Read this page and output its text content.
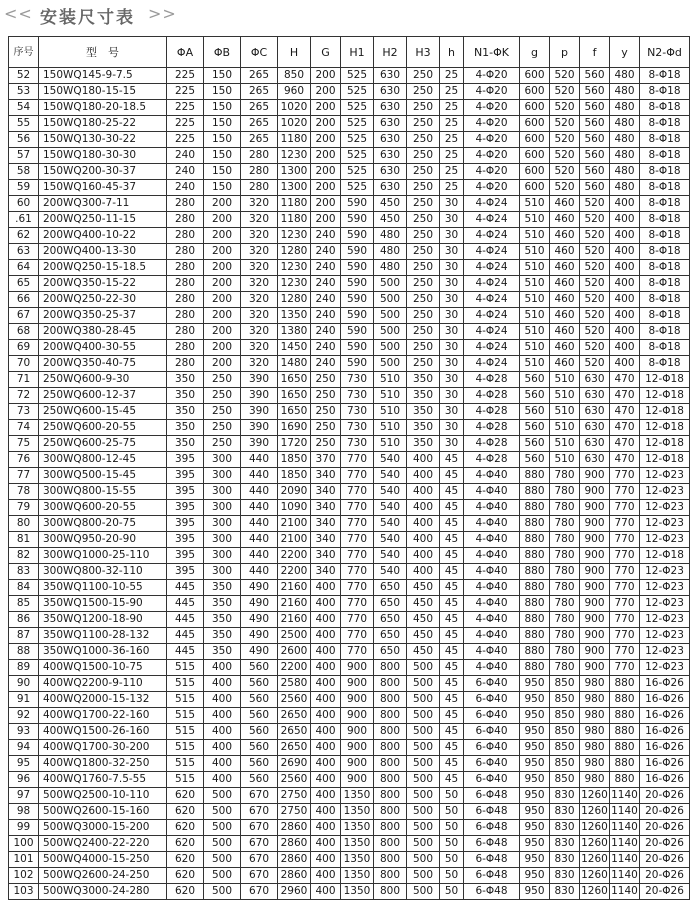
<< 安装尺寸表 >>
序号	型　号	ΦA	ΦB	ΦC	H	G	H1	H2	H3	h	N1-ΦK	g	p	f	y	N2-Φd
52	150WQ145-9-7.5	225	150	265	850	200	525	630	250	25	4-Φ20	600	520	560	480	8-Φ18
53	150WQ180-15-15	225	150	265	960	200	525	630	250	25	4-Φ20	600	520	560	480	8-Φ18
54	150WQ180-20-18.5	225	150	265	1020	200	525	630	250	25	4-Φ20	600	520	560	480	8-Φ18
55	150WQ180-25-22	225	150	265	1020	200	525	630	250	25	4-Φ20	600	520	560	480	8-Φ18
56	150WQ130-30-22	225	150	265	1180	200	525	630	250	25	4-Φ20	600	520	560	480	8-Φ18
57	150WQ180-30-30	240	150	280	1230	200	525	630	250	25	4-Φ20	600	520	560	480	8-Φ18
58	150WQ200-30-37	240	150	280	1300	200	525	630	250	25	4-Φ20	600	520	560	480	8-Φ18
59	150WQ160-45-37	240	150	280	1300	200	525	630	250	25	4-Φ20	600	520	560	480	8-Φ18
60	200WQ300-7-11	280	200	320	1180	200	590	450	250	30	4-Φ24	510	460	520	400	8-Φ18
.61	200WQ250-11-15	280	200	320	1180	200	590	450	250	30	4-Φ24	510	460	520	400	8-Φ18
62	200WQ400-10-22	280	200	320	1230	240	590	480	250	30	4-Φ24	510	460	520	400	8-Φ18
63	200WQ400-13-30	280	200	320	1280	240	590	480	250	30	4-Φ24	510	460	520	400	8-Φ18
64	200WQ250-15-18.5	280	200	320	1230	240	590	480	250	30	4-Φ24	510	460	520	400	8-Φ18
65	200WQ350-15-22	280	200	320	1230	240	590	500	250	30	4-Φ24	510	460	520	400	8-Φ18
66	200WQ250-22-30	280	200	320	1280	240	590	500	250	30	4-Φ24	510	460	520	400	8-Φ18
67	200WQ350-25-37	280	200	320	1350	240	590	500	250	30	4-Φ24	510	460	520	400	8-Φ18
68	200WQ380-28-45	280	200	320	1380	240	590	500	250	30	4-Φ24	510	460	520	400	8-Φ18
69	200WQ400-30-55	280	200	320	1450	240	590	500	250	30	4-Φ24	510	460	520	400	8-Φ18
70	200WQ350-40-75	280	200	320	1480	240	590	500	250	30	4-Φ24	510	460	520	400	8-Φ18
71	250WQ600-9-30	350	250	390	1650	250	730	510	350	30	4-Φ28	560	510	630	470	12-Φ18
72	250WQ600-12-37	350	250	390	1650	250	730	510	350	30	4-Φ28	560	510	630	470	12-Φ18
73	250WQ600-15-45	350	250	390	1650	250	730	510	350	30	4-Φ28	560	510	630	470	12-Φ18
74	250WQ600-20-55	350	250	390	1690	250	730	510	350	30	4-Φ28	560	510	630	470	12-Φ18
75	250WQ600-25-75	350	250	390	1720	250	730	510	350	30	4-Φ28	560	510	630	470	12-Φ18
76	300WQ800-12-45	395	300	440	1850	370	770	540	400	45	4-Φ28	560	510	630	470	12-Φ18
77	300WQ500-15-45	395	300	440	1850	340	770	540	400	45	4-Φ40	880	780	900	770	12-Φ23
78	300WQ800-15-55	395	300	440	2090	340	770	540	400	45	4-Φ40	880	780	900	770	12-Φ23
79	300WQ600-20-55	395	300	440	1090	340	770	540	400	45	4-Φ40	880	780	900	770	12-Φ23
80	300WQ800-20-75	395	300	440	2100	340	770	540	400	45	4-Φ40	880	780	900	770	12-Φ23
81	300WQ950-20-90	395	300	440	2100	340	770	540	400	45	4-Φ40	880	780	900	770	12-Φ23
82	300WQ1000-25-110	395	300	440	2200	340	770	540	400	45	4-Φ40	880	780	900	770	12-Φ18
83	300WQ800-32-110	395	300	440	2200	340	770	540	400	45	4-Φ40	880	780	900	770	12-Φ23
84	350WQ1100-10-55	445	350	490	2160	400	770	650	450	45	4-Φ40	880	780	900	770	12-Φ23
85	350WQ1500-15-90	445	350	490	2160	400	770	650	450	45	4-Φ40	880	780	900	770	12-Φ23
86	350WQ1200-18-90	445	350	490	2160	400	770	650	450	45	4-Φ40	880	780	900	770	12-Φ23
87	350WQ1100-28-132	445	350	490	2500	400	770	650	450	45	4-Φ40	880	780	900	770	12-Φ23
88	350WQ1000-36-160	445	350	490	2600	400	770	650	450	45	4-Φ40	880	780	900	770	12-Φ23
89	400WQ1500-10-75	515	400	560	2200	400	900	800	500	45	4-Φ40	880	780	900	770	12-Φ23
90	400WQ2200-9-110	515	400	560	2580	400	900	800	500	45	6-Φ40	950	850	980	880	16-Φ26
91	400WQ2000-15-132	515	400	560	2560	400	900	800	500	45	6-Φ40	950	850	980	880	16-Φ26
92	400WQ1700-22-160	515	400	560	2650	400	900	800	500	45	6-Φ40	950	850	980	880	16-Φ26
93	400WQ1500-26-160	515	400	560	2650	400	900	800	500	45	6-Φ40	950	850	980	880	16-Φ26
94	400WQ1700-30-200	515	400	560	2650	400	900	800	500	45	6-Φ40	950	850	980	880	16-Φ26
95	400WQ1800-32-250	515	400	560	2690	400	900	800	500	45	6-Φ40	950	850	980	880	16-Φ26
96	400WQ1760-7.5-55	515	400	560	2560	400	900	800	500	45	6-Φ40	950	850	980	880	16-Φ26
97	500WQ2500-10-110	620	500	670	2750	400	1350	800	500	50	6-Φ48	950	830	1260	1140	20-Φ26
98	500WQ2600-15-160	620	500	670	2750	400	1350	800	500	50	6-Φ48	950	830	1260	1140	20-Φ26
99	500WQ3000-15-200	620	500	670	2860	400	1350	800	500	50	6-Φ48	950	830	1260	1140	20-Φ26
100	500WQ2400-22-220	620	500	670	2860	400	1350	800	500	50	6-Φ48	950	830	1260	1140	20-Φ26
101	500WQ4000-15-250	620	500	670	2860	400	1350	800	500	50	6-Φ48	950	830	1260	1140	20-Φ26
102	500WQ2600-24-250	620	500	670	2860	400	1350	800	500	50	6-Φ48	950	830	1260	1140	20-Φ26
103	500WQ3000-24-280	620	500	670	2960	400	1350	800	500	50	6-Φ48	950	830	1260	1140	20-Φ26
